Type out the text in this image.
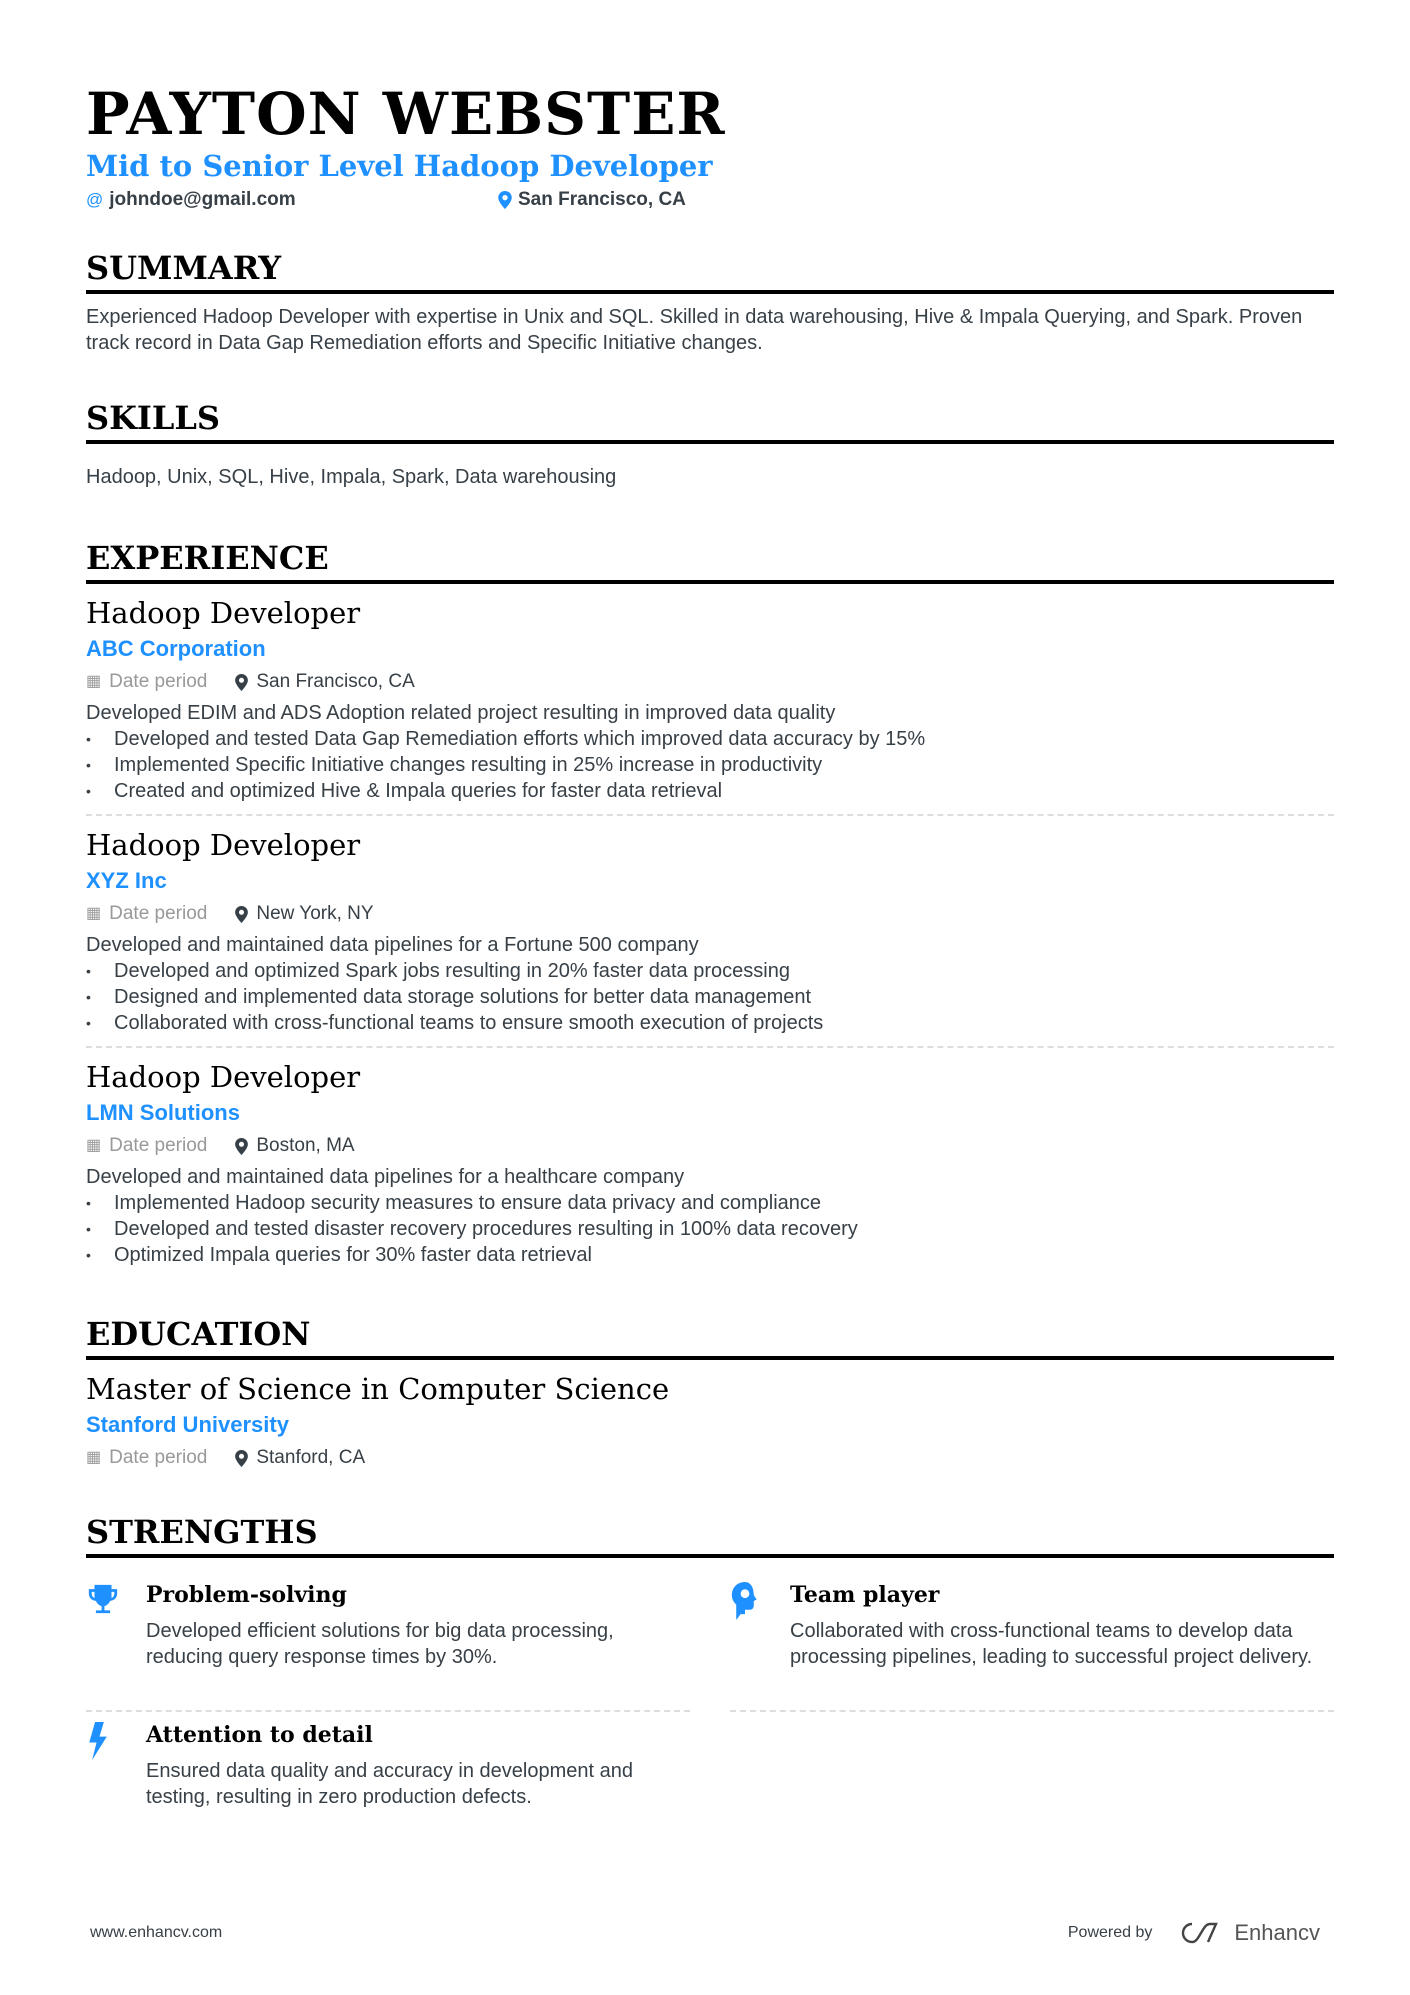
PAYTON WEBSTER
Mid to Senior Level Hadoop Developer
@ johndoe@gmail.com	San Francisco, CA
SUMMARY
Experienced Hadoop Developer with expertise in Unix and SQL. Skilled in data warehousing, Hive & Impala Querying, and Spark. Proven track record in Data Gap Remediation efforts and Specific Initiative changes.
SKILLS
Hadoop, Unix, SQL, Hive, Impala, Spark, Data warehousing
EXPERIENCE
Hadoop Developer
ABC Corporation
▦ Date period	San Francisco, CA
Developed EDIM and ADS Adoption related project resulting in improved data quality
• Developed and tested Data Gap Remediation efforts which improved data accuracy by 15%
• Implemented Specific Initiative changes resulting in 25% increase in productivity
• Created and optimized Hive & Impala queries for faster data retrieval
Hadoop Developer
XYZ Inc
▦ Date period	New York, NY
Developed and maintained data pipelines for a Fortune 500 company
• Developed and optimized Spark jobs resulting in 20% faster data processing
• Designed and implemented data storage solutions for better data management
• Collaborated with cross-functional teams to ensure smooth execution of projects
Hadoop Developer
LMN Solutions
▦ Date period	Boston, MA
Developed and maintained data pipelines for a healthcare company
• Implemented Hadoop security measures to ensure data privacy and compliance
• Developed and tested disaster recovery procedures resulting in 100% data recovery
• Optimized Impala queries for 30% faster data retrieval
EDUCATION
Master of Science in Computer Science
Stanford University
▦ Date period	Stanford, CA
STRENGTHS
Problem-solving

Developed efficient solutions for big data processing, reducing query response times by 30%.

Team player

Collaborated with cross-functional teams to develop data processing pipelines, leading to successful project delivery.

Attention to detail

Ensured data quality and accuracy in development and testing, resulting in zero production defects.

www.enhancv.com	Powered by	Enhancv
